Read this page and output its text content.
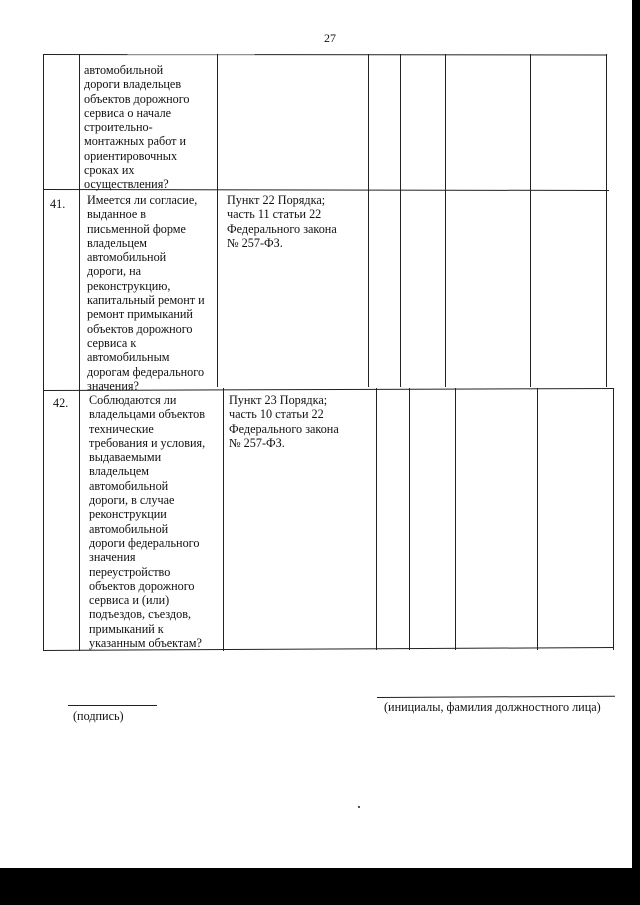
27
автомобильной
дороги владельцев
объектов дорожного
сервиса о начале
строительно-
монтажных работ и
ориентировочных
сроках их
осуществления?
41. Имеется ли согласие,
выданное в
письменной форме
владельцем
автомобильной
дороги, на
реконструкцию,
капитальный ремонт и
ремонт примыканий
объектов дорожного
сервиса к
автомобильным
дорогам федерального
значения?
Пункт 22 Порядка;
часть 11 статьи 22
Федерального закона
№ 257-ФЗ.
42. Соблюдаются ли
владельцами объектов
технические
требования и условия,
выдаваемыми
владельцем
автомобильной
дороги, в случае
реконструкции
автомобильной
дороги федерального
значения
переустройство
объектов дорожного
сервиса и (или)
подъездов, съездов,
примыканий к
указанным объектам?
Пункт 23 Порядка;
часть 10 статьи 22
Федерального закона
№ 257-ФЗ.
(подпись)
(инициалы, фамилия должностного лица)
